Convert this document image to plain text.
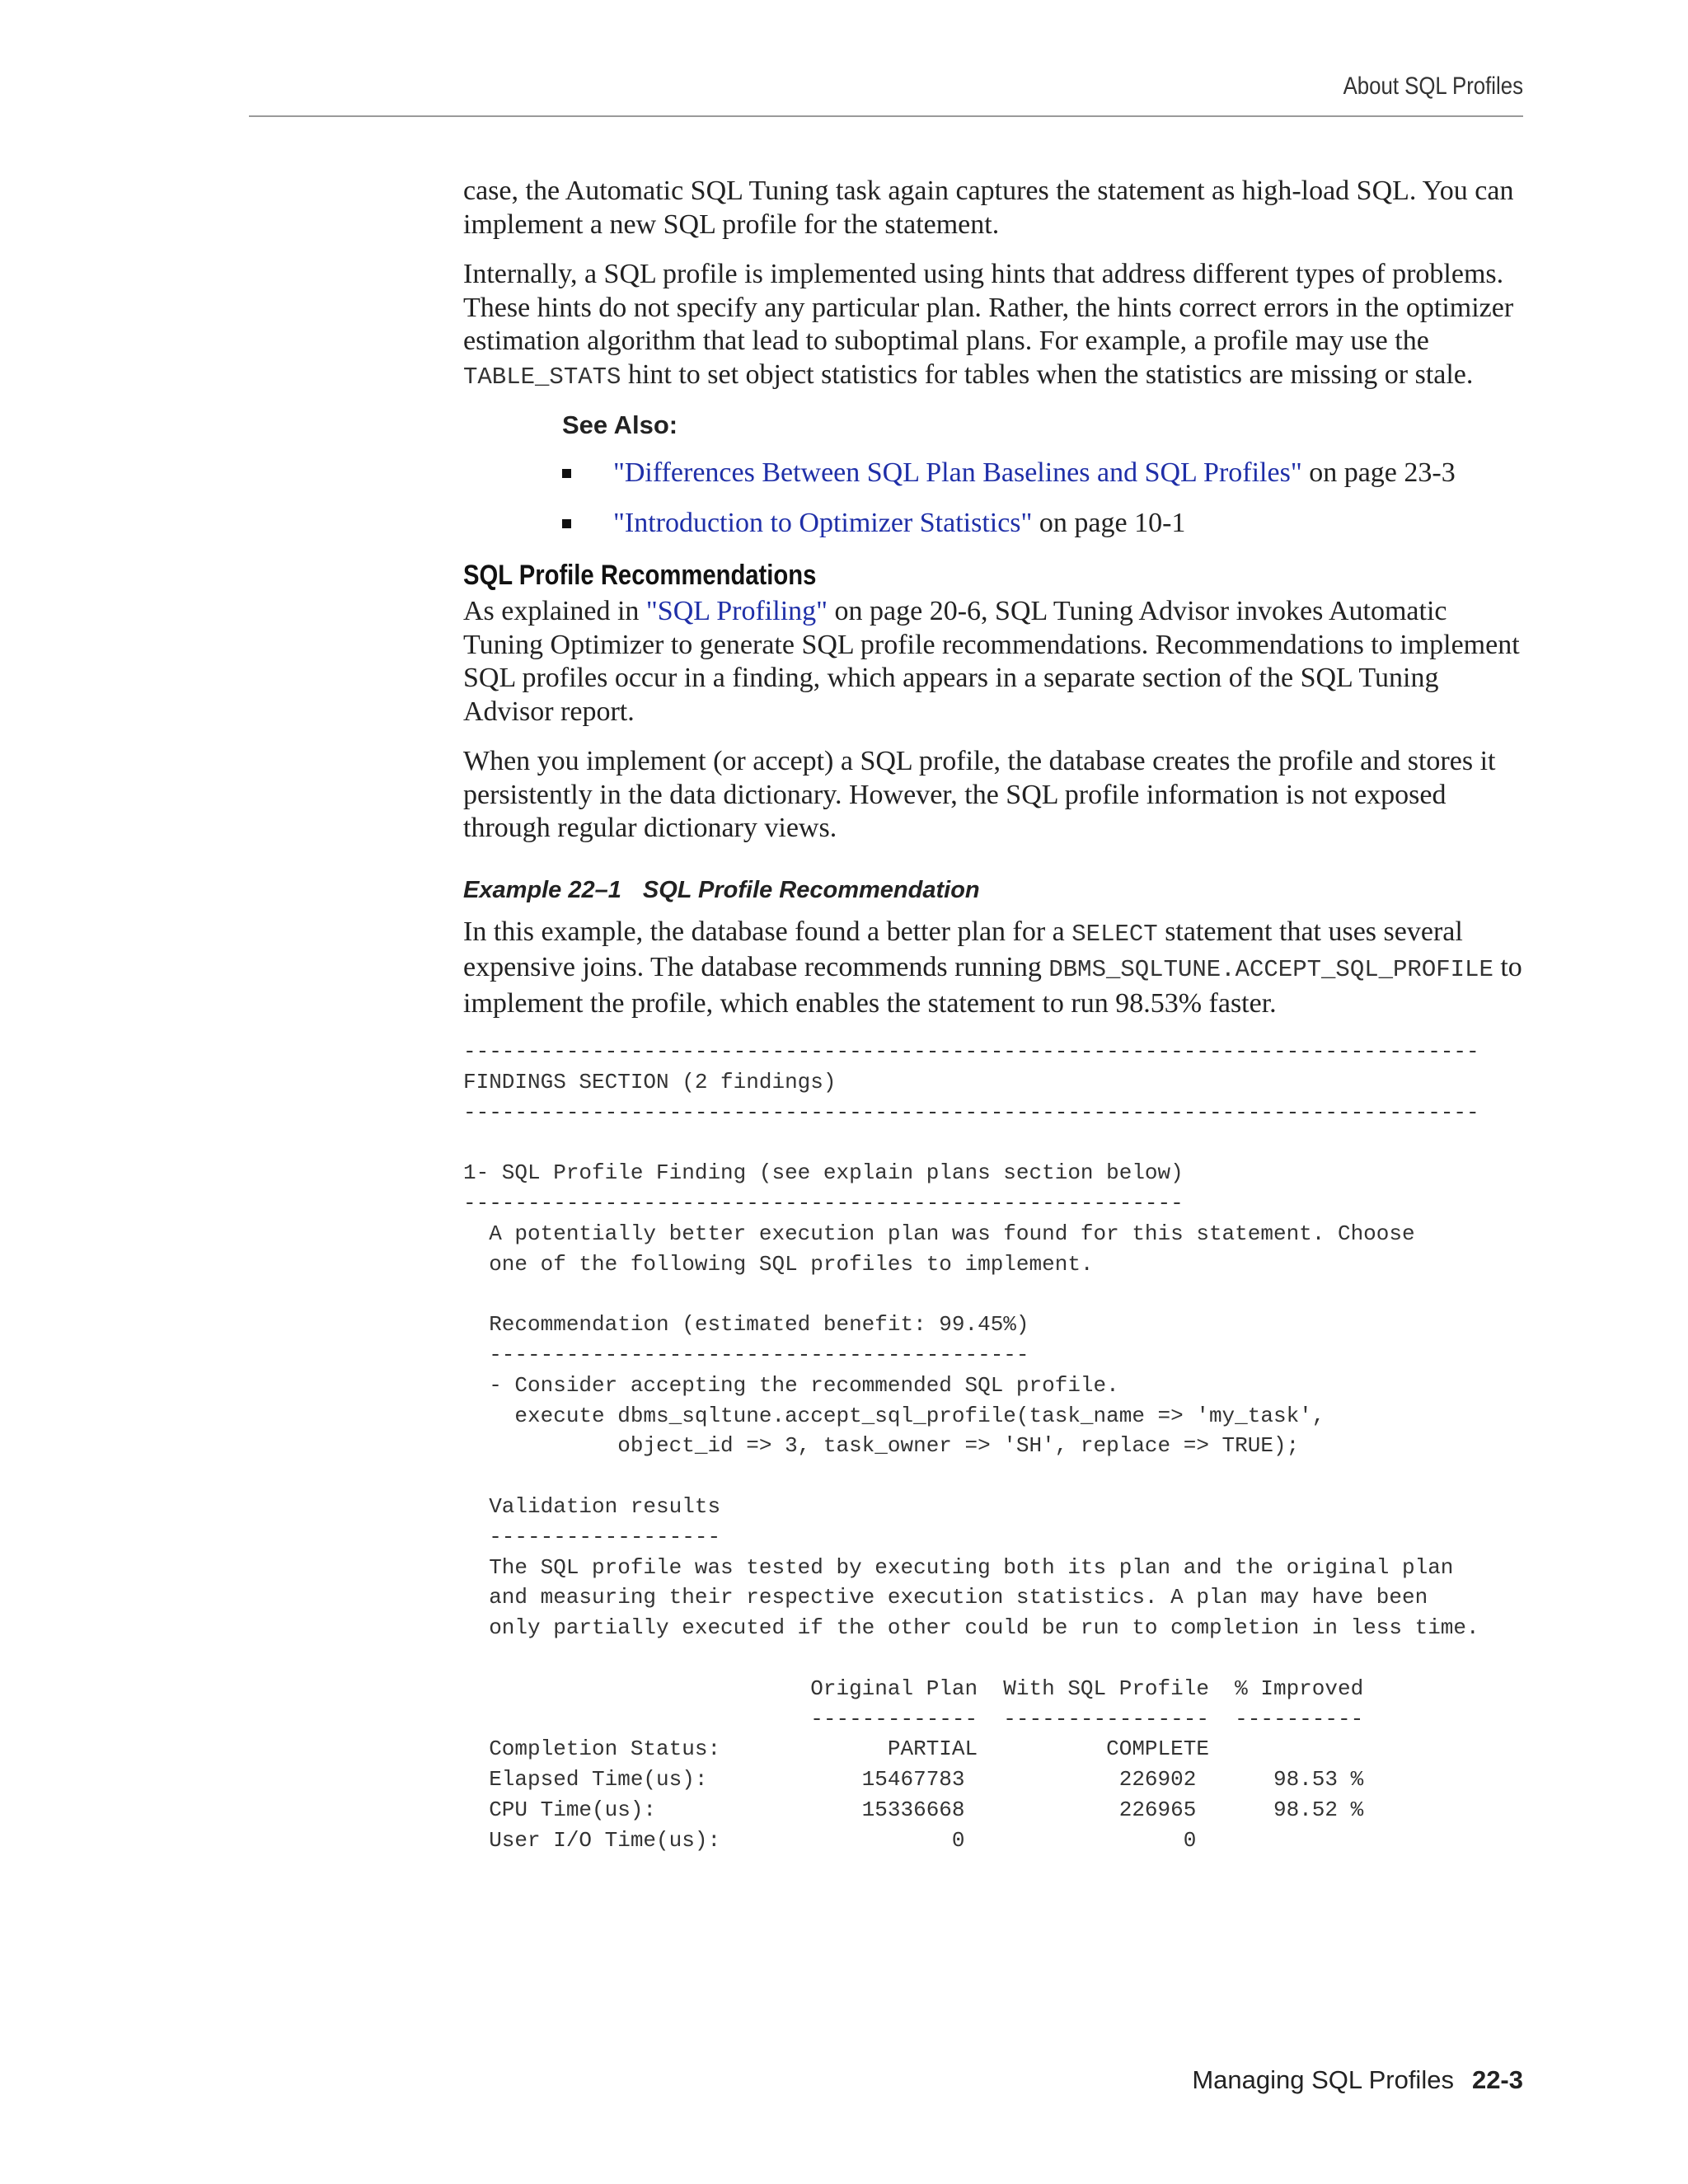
About SQL Profiles

case, the Automatic SQL Tuning task again captures the statement as high-load SQL. You can implement a new SQL profile for the statement.

Internally, a SQL profile is implemented using hints that address different types of problems. These hints do not specify any particular plan. Rather, the hints correct errors in the optimizer estimation algorithm that lead to suboptimal plans. For example, a profile may use the TABLE_STATS hint to set object statistics for tables when the statistics are missing or stale.

See Also:
"Differences Between SQL Plan Baselines and SQL Profiles" on page 23-3
"Introduction to Optimizer Statistics" on page 10-1
SQL Profile Recommendations

As explained in "SQL Profiling" on page 20-6, SQL Tuning Advisor invokes Automatic Tuning Optimizer to generate SQL profile recommendations. Recommendations to implement SQL profiles occur in a finding, which appears in a separate section of the SQL Tuning Advisor report.

When you implement (or accept) a SQL profile, the database creates the profile and stores it persistently in the data dictionary. However, the SQL profile information is not exposed through regular dictionary views.

Example 22–1 SQL Profile Recommendation

In this example, the database found a better plan for a SELECT statement that uses several expensive joins. The database recommends running DBMS_SQLTUNE.ACCEPT_SQL_PROFILE to implement the profile, which enables the statement to run 98.53% faster.

-------------------------------------------------------------------------------
FINDINGS SECTION (2 findings)
-------------------------------------------------------------------------------

1- SQL Profile Finding (see explain plans section below)
--------------------------------------------------------
A potentially better execution plan was found for this statement. Choose
one of the following SQL profiles to implement.

Recommendation (estimated benefit: 99.45%)
------------------------------------------
- Consider accepting the recommended SQL profile.
execute dbms_sqltune.accept_sql_profile(task_name => 'my_task',
object_id => 3, task_owner => 'SH', replace => TRUE);

Validation results
------------------
The SQL profile was tested by executing both its plan and the original plan
and measuring their respective execution statistics. A plan may have been
only partially executed if the other could be run to completion in less time.

Original Plan  With SQL Profile  % Improved
-------------  ----------------  ----------
Completion Status:             PARTIAL          COMPLETE
Elapsed Time(us):            15467783            226902      98.53 %
CPU Time(us):                15336668            226965      98.52 %
User I/O Time(us):                  0                 0
Managing SQL Profiles 22-3
